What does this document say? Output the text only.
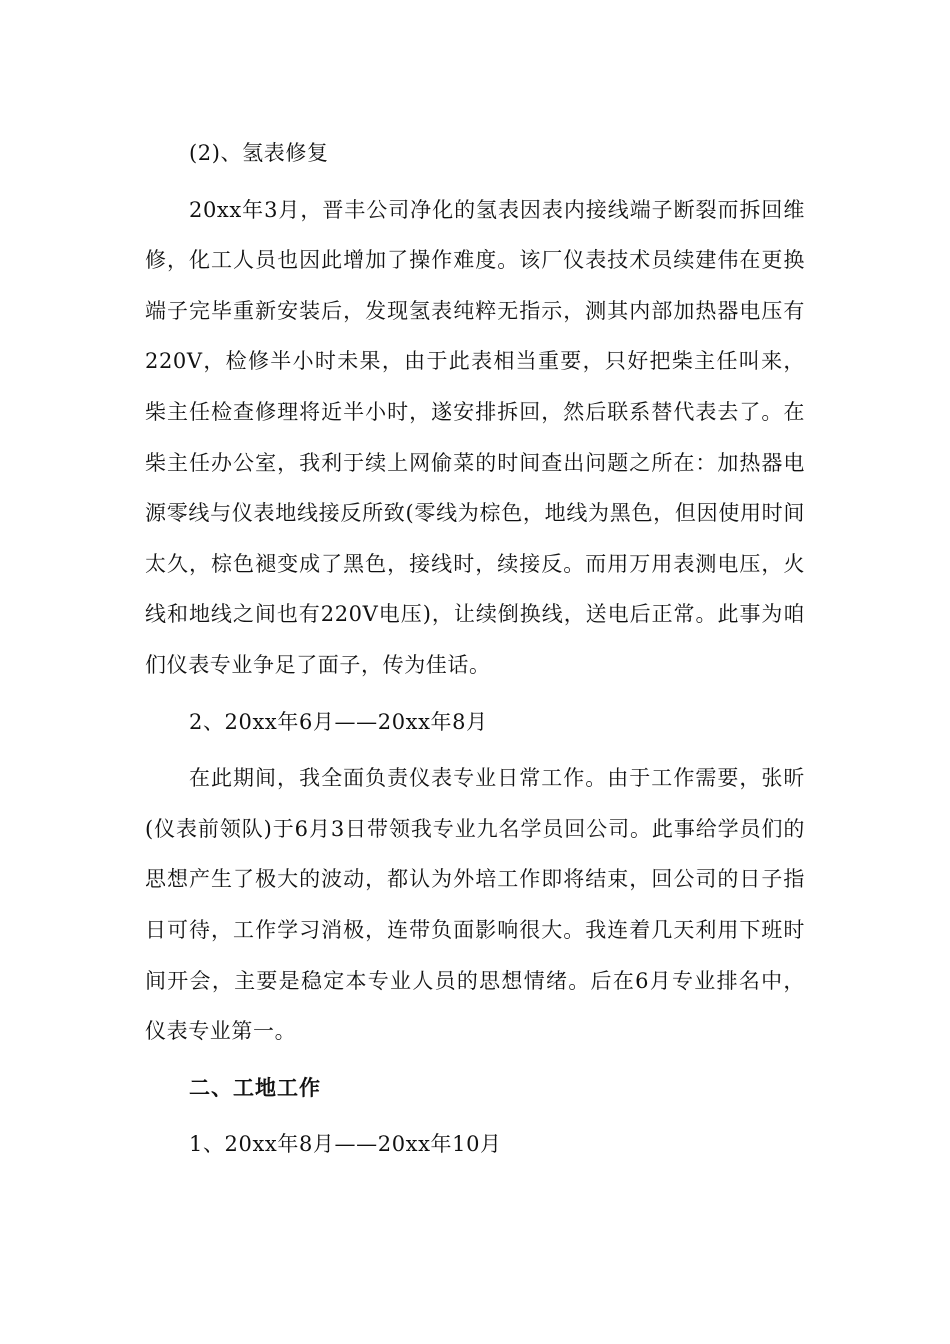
(2)、氢表修复

20xx年3月，晋丰公司净化的氢表因表内接线端子断裂而拆回维修，化工人员也因此增加了操作难度。该厂仪表技术员续建伟在更换端子完毕重新安装后，发现氢表纯粹无指示，测其内部加热器电压有220V，检修半小时未果，由于此表相当重要，只好把柴主任叫来，柴主任检查修理将近半小时，遂安排拆回，然后联系替代表去了。在柴主任办公室，我利于续上网偷菜的时间查出问题之所在：加热器电源零线与仪表地线接反所致(零线为棕色，地线为黑色，但因使用时间太久，棕色褪变成了黑色，接线时，续接反。而用万用表测电压，火线和地线之间也有220V电压)，让续倒换线，送电后正常。此事为咱们仪表专业争足了面子，传为佳话。

2、20xx年6月——20xx年8月

在此期间，我全面负责仪表专业日常工作。由于工作需要，张昕(仪表前领队)于6月3日带领我专业九名学员回公司。此事给学员们的思想产生了极大的波动，都认为外培工作即将结束，回公司的日子指日可待，工作学习消极，连带负面影响很大。我连着几天利用下班时间开会，主要是稳定本专业人员的思想情绪。后在6月专业排名中，仪表专业第一。

二、工地工作

1、20xx年8月——20xx年10月
